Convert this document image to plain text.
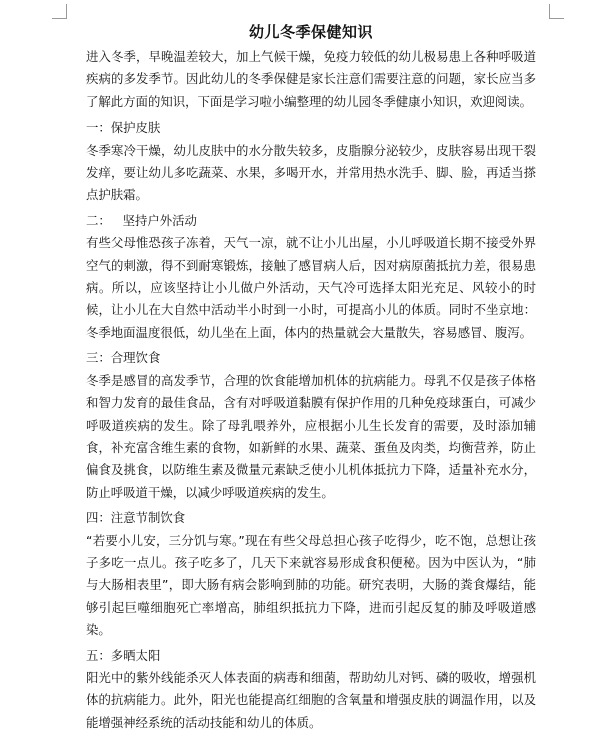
幼儿冬季保健知识

进入冬季，早晚温差较大，加上气候干燥，免疫力较低的幼儿极易患上各种呼吸道疾病的多发季节。因此幼儿的冬季保健是家长注意们需要注意的问题，家长应当多了解此方面的知识，下面是学习啦小编整理的幼儿园冬季健康小知识，欢迎阅读。

一：保护皮肤

冬季寒冷干燥，幼儿皮肤中的水分散失较多，皮脂腺分泌较少，皮肤容易出现干裂发痒，要让幼儿多吃蔬菜、水果，多喝开水，并常用热水洗手、脚、脸，再适当搽点护肤霜。

二：   坚持户外活动

有些父母惟恐孩子冻着，天气一凉，就不让小儿出屋，小儿呼吸道长期不接受外界空气的刺激，得不到耐寒锻炼，接触了感冒病人后，因对病原菌抵抗力差，很易患病。所以，应该坚持让小儿做户外活动，天气冷可选择太阳光充足、风较小的时候，让小儿在大自然中活动半小时到一小时，可提高小儿的体质。同时不坐京地：冬季地面温度很低，幼儿坐在上面，体内的热量就会大量散失，容易感冒、腹泻。

三：合理饮食

冬季是感冒的高发季节，合理的饮食能增加机体的抗病能力。母乳不仅是孩子体格和智力发育的最佳食品，含有对呼吸道黏膜有保护作用的几种免疫球蛋白，可减少呼吸道疾病的发生。除了母乳喂养外，应根据小儿生长发育的需要，及时添加辅食，补充富含维生素的食物，如新鲜的水果、蔬菜、蛋鱼及肉类，均衡营养，防止偏食及挑食，以防维生素及微量元素缺乏使小儿机体抵抗力下降，适量补充水分，防止呼吸道干燥，以减少呼吸道疾病的发生。

四：注意节制饮食

“若要小儿安，三分饥与寒。”现在有些父母总担心孩子吃得少，吃不饱，总想让孩子多吃一点儿。孩子吃多了，几天下来就容易形成食积便秘。因为中医认为，“肺与大肠相表里”，即大肠有病会影响到肺的功能。研究表明，大肠的粪食爆结，能够引起巨噬细胞死亡率增高，肺组织抵抗力下降，进而引起反复的肺及呼吸道感染。

五：多晒太阳

阳光中的紫外线能杀灭人体表面的病毒和细菌，帮助幼儿对钙、磷的吸收，增强机体的抗病能力。此外，阳光也能提高红细胞的含氧量和增强皮肤的调温作用，以及能增强神经系统的活动技能和幼儿的体质。
